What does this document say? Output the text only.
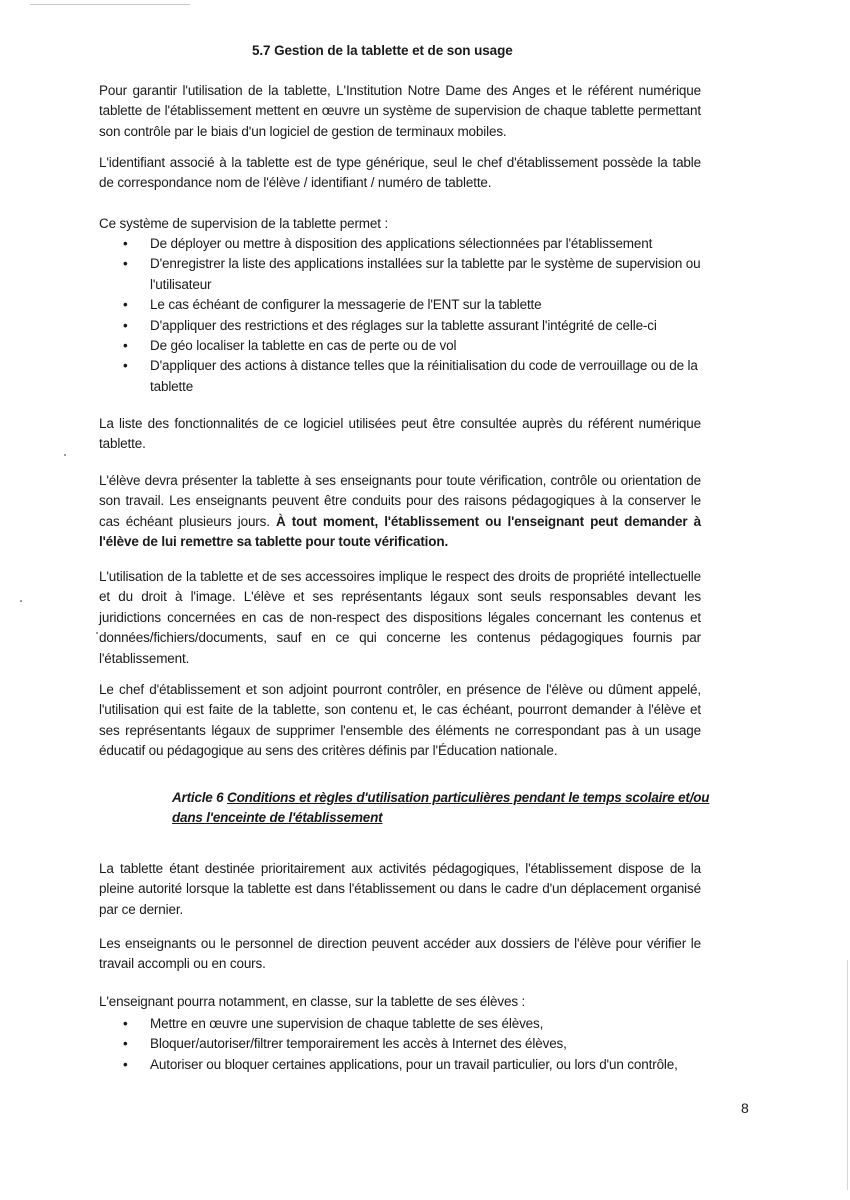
5.7 Gestion de la tablette et de son usage

Pour garantir l'utilisation de la tablette, L'Institution Notre Dame des Anges et le référent numérique tablette de l'établissement mettent en œuvre un système de supervision de chaque tablette permettant son contrôle par le biais d'un logiciel de gestion de terminaux mobiles.

L'identifiant associé à la tablette est de type générique, seul le chef d'établissement possède la table de correspondance nom de l'élève / identifiant / numéro de tablette.

Ce système de supervision de la tablette permet :

• De déployer ou mettre à disposition des applications sélectionnées par l'établissement
• D'enregistrer la liste des applications installées sur la tablette par le système de supervision ou l'utilisateur
• Le cas échéant de configurer la messagerie de l'ENT sur la tablette
• D'appliquer des restrictions et des réglages sur la tablette assurant l'intégrité de celle-ci
• De géo localiser la tablette en cas de perte ou de vol
• D'appliquer des actions à distance telles que la réinitialisation du code de verrouillage ou de la tablette

La liste des fonctionnalités de ce logiciel utilisées peut être consultée auprès du référent numérique tablette.

L'élève devra présenter la tablette à ses enseignants pour toute vérification, contrôle ou orientation de son travail. Les enseignants peuvent être conduits pour des raisons pédagogiques à la conserver le cas échéant plusieurs jours. À tout moment, l'établissement ou l'enseignant peut demander à l'élève de lui remettre sa tablette pour toute vérification.

L'utilisation de la tablette et de ses accessoires implique le respect des droits de propriété intellectuelle et du droit à l'image. L'élève et ses représentants légaux sont seuls responsables devant les juridictions concernées en cas de non-respect des dispositions légales concernant les contenus et données/fichiers/documents, sauf en ce qui concerne les contenus pédagogiques fournis par l'établissement.

Le chef d'établissement et son adjoint pourront contrôler, en présence de l'élève ou dûment appelé, l'utilisation qui est faite de la tablette, son contenu et, le cas échéant, pourront demander à l'élève et ses représentants légaux de supprimer l'ensemble des éléments ne correspondant pas à un usage éducatif ou pédagogique au sens des critères définis par l'Éducation nationale.

Article 6 Conditions et règles d'utilisation particulières pendant le temps scolaire et/ou dans l'enceinte de l'établissement

La tablette étant destinée prioritairement aux activités pédagogiques, l'établissement dispose de la pleine autorité lorsque la tablette est dans l'établissement ou dans le cadre d'un déplacement organisé par ce dernier.

Les enseignants ou le personnel de direction peuvent accéder aux dossiers de l'élève pour vérifier le travail accompli ou en cours.

L'enseignant pourra notamment, en classe, sur la tablette de ses élèves :

• Mettre en œuvre une supervision de chaque tablette de ses élèves,
• Bloquer/autoriser/filtrer temporairement les accès à Internet des élèves,
• Autoriser ou bloquer certaines applications, pour un travail particulier, ou lors d'un contrôle,
8
